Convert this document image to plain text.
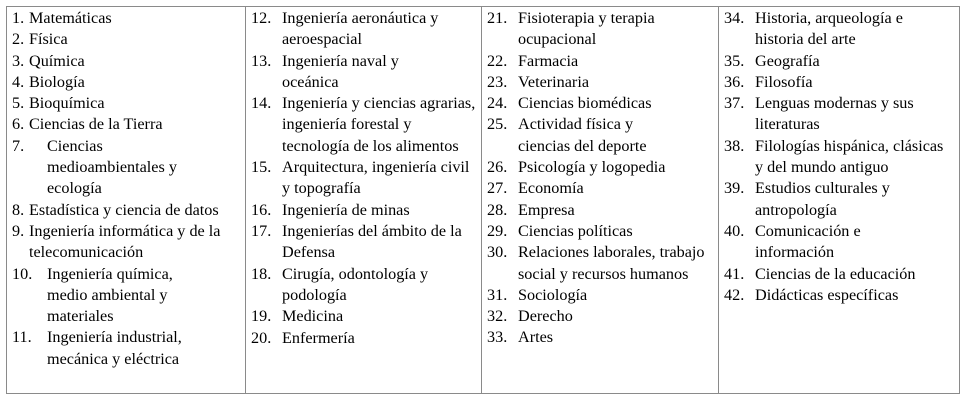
1. Matemáticas
2. Física
3. Química
4. Biología
5. Bioquímica
6. Ciencias de la Tierra
7.	Ciencias medioambientales y ecología
8. Estadística y ciencia de datos
9. Ingeniería informática y de la telecomunicación
10. Ingeniería química, medio ambiental y materiales
11. Ingeniería industrial, mecánica y eléctrica
12. Ingeniería aeronáutica y aeroespacial
13. Ingeniería naval y oceánica
14. Ingeniería y ciencias agrarias, ingeniería forestal y tecnología de los alimentos
15. Arquitectura, ingeniería civil y topografía
16. Ingeniería de minas
17. Ingenierías del ámbito de la Defensa
18. Cirugía, odontología y podología
19. Medicina
20. Enfermería
21. Fisioterapia y terapia ocupacional
22. Farmacia
23. Veterinaria
24. Ciencias biomédicas
25. Actividad física y ciencias del deporte
26. Psicología y logopedia
27. Economía
28. Empresa
29. Ciencias políticas
30. Relaciones laborales, trabajo social y recursos humanos
31. Sociología
32. Derecho
33. Artes
34. Historia, arqueología e historia del arte
35. Geografía
36. Filosofía
37. Lenguas modernas y sus literaturas
38. Filologías hispánica, clásicas y del mundo antiguo
39. Estudios culturales y antropología
40. Comunicación e información
41. Ciencias de la educación
42. Didácticas específicas
